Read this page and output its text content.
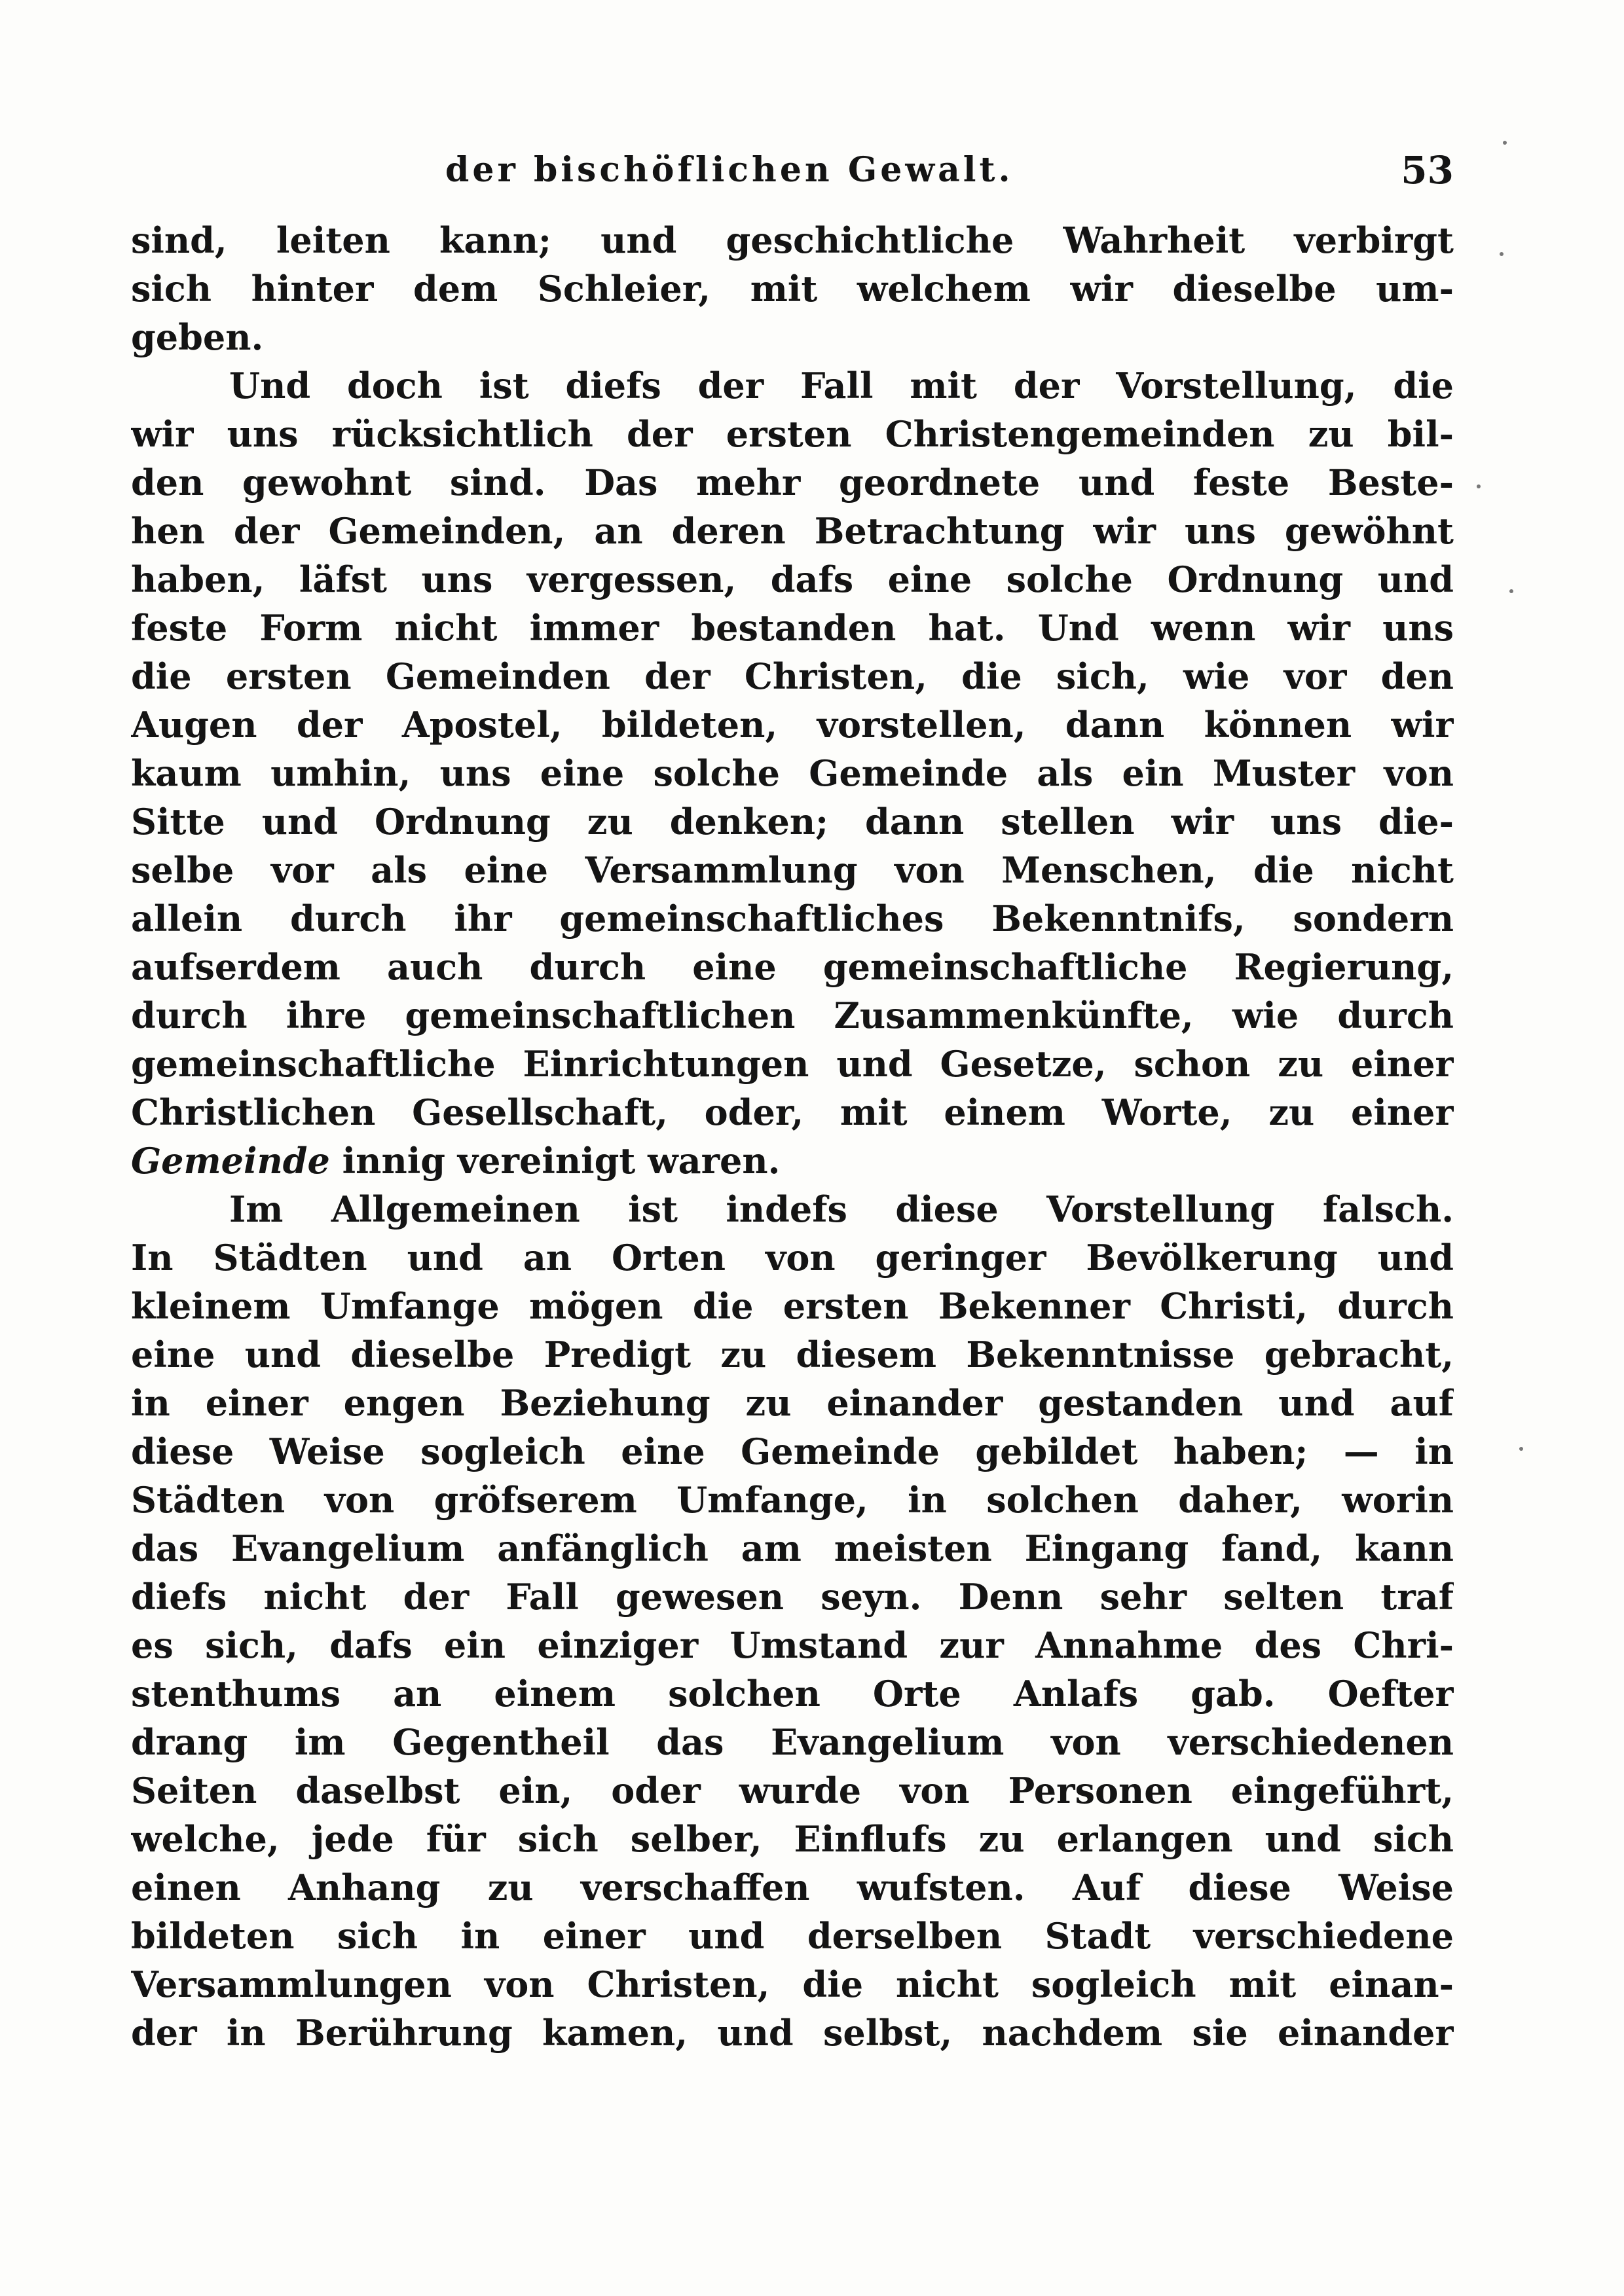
der bischöflichen Gewalt.	53
sind, leiten kann; und geschichtliche Wahrheit verbirgt
sich hinter dem Schleier, mit welchem wir dieselbe um-
geben.
Und doch ist diefs der Fall mit der Vorstellung, die
wir uns rücksichtlich der ersten Christengemeinden zu bil-
den gewohnt sind. Das mehr geordnete und feste Beste-
hen der Gemeinden, an deren Betrachtung wir uns gewöhnt
haben, läfst uns vergessen, dafs eine solche Ordnung und
feste Form nicht immer bestanden hat. Und wenn wir uns
die ersten Gemeinden der Christen, die sich, wie vor den
Augen der Apostel, bildeten, vorstellen, dann können wir
kaum umhin, uns eine solche Gemeinde als ein Muster von
Sitte und Ordnung zu denken; dann stellen wir uns die-
selbe vor als eine Versammlung von Menschen, die nicht
allein durch ihr gemeinschaftliches Bekenntnifs, sondern
aufserdem auch durch eine gemeinschaftliche Regierung,
durch ihre gemeinschaftlichen Zusammenkünfte, wie durch
gemeinschaftliche Einrichtungen und Gesetze, schon zu einer
Christlichen Gesellschaft, oder, mit einem Worte, zu einer
Gemeinde innig vereinigt waren.
Im Allgemeinen ist indefs diese Vorstellung falsch.
In Städten und an Orten von geringer Bevölkerung und
kleinem Umfange mögen die ersten Bekenner Christi, durch
eine und dieselbe Predigt zu diesem Bekenntnisse gebracht,
in einer engen Beziehung zu einander gestanden und auf
diese Weise sogleich eine Gemeinde gebildet haben; — in
Städten von gröfserem Umfange, in solchen daher, worin
das Evangelium anfänglich am meisten Eingang fand, kann
diefs nicht der Fall gewesen seyn. Denn sehr selten traf
es sich, dafs ein einziger Umstand zur Annahme des Chri-
stenthums an einem solchen Orte Anlafs gab. Oefter
drang im Gegentheil das Evangelium von verschiedenen
Seiten daselbst ein, oder wurde von Personen eingeführt,
welche, jede für sich selber, Einflufs zu erlangen und sich
einen Anhang zu verschaffen wufsten. Auf diese Weise
bildeten sich in einer und derselben Stadt verschiedene
Versammlungen von Christen, die nicht sogleich mit einan-
der in Berührung kamen, und selbst, nachdem sie einander
